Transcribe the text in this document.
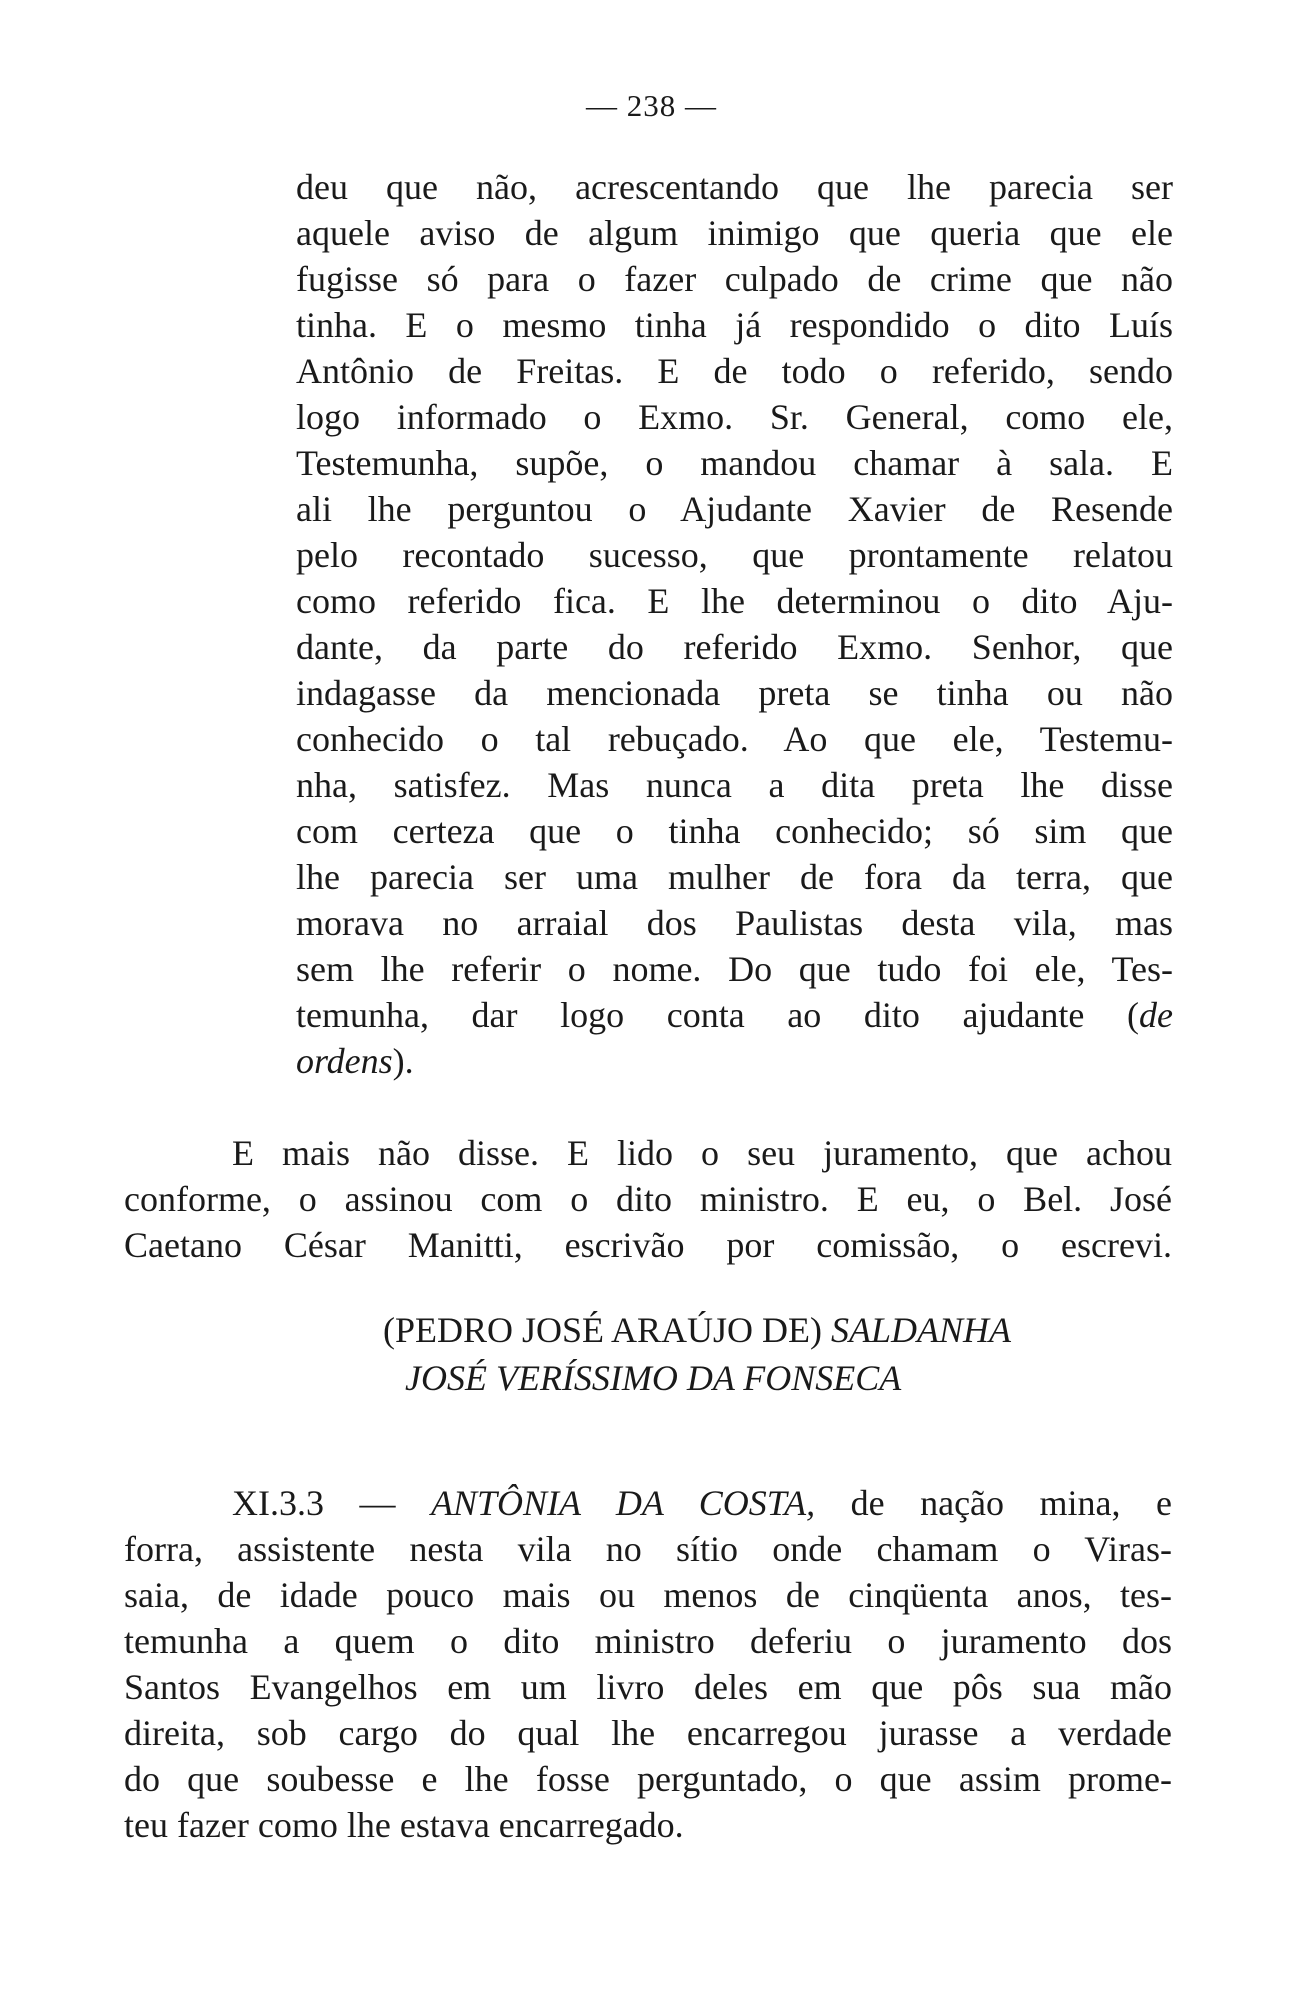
— 238 —

deu que não, acrescentando que lhe parecia ser
aquele aviso de algum inimigo que queria que ele
fugisse só para o fazer culpado de crime que não
tinha. E o mesmo tinha já respondido o dito Luís
Antônio de Freitas. E de todo o referido, sendo
logo informado o Exmo. Sr. General, como ele,
Testemunha, supõe, o mandou chamar à sala. E
ali lhe perguntou o Ajudante Xavier de Resende
pelo recontado sucesso, que prontamente relatou
como referido fica. E lhe determinou o dito Aju-
dante, da parte do referido Exmo. Senhor, que
indagasse da mencionada preta se tinha ou não
conhecido o tal rebuçado. Ao que ele, Testemu-
nha, satisfez. Mas nunca a dita preta lhe disse
com certeza que o tinha conhecido; só sim que
lhe parecia ser uma mulher de fora da terra, que
morava no arraial dos Paulistas desta vila, mas
sem lhe referir o nome. Do que tudo foi ele, Tes-
temunha, dar logo conta ao dito ajudante (de
ordens).

E mais não disse. E lido o seu juramento, que achou
conforme, o assinou com o dito ministro. E eu, o Bel. José
Caetano César Manitti, escrivão por comissão, o escrevi.

(PEDRO JOSÉ ARAÚJO DE) SALDANHA
JOSÉ VERÍSSIMO DA FONSECA

XI.3.3 — ANTÔNIA DA COSTA, de nação mina, e
forra, assistente nesta vila no sítio onde chamam o Viras-
saia, de idade pouco mais ou menos de cinqüenta anos, tes-
temunha a quem o dito ministro deferiu o juramento dos
Santos Evangelhos em um livro deles em que pôs sua mão
direita, sob cargo do qual lhe encarregou jurasse a verdade
do que soubesse e lhe fosse perguntado, o que assim prome-
teu fazer como lhe estava encarregado.
